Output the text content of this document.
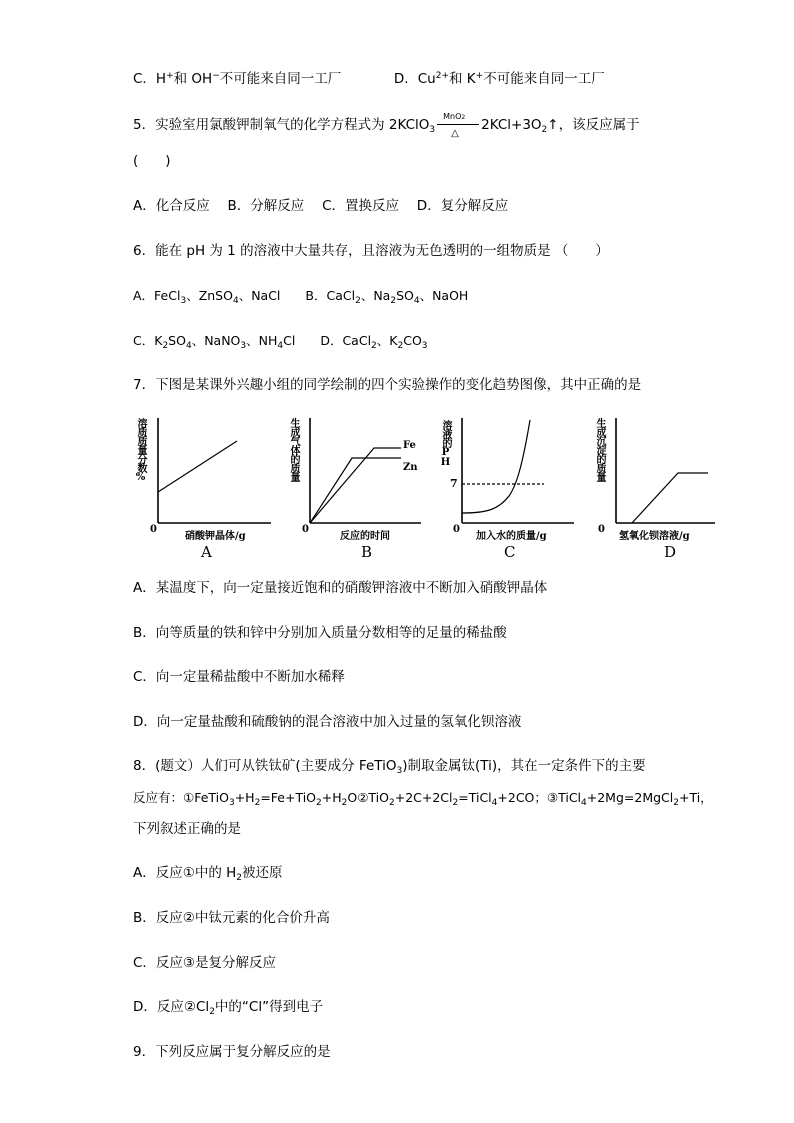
C．H+和 OH−不可能来自同一工厂	D．$Cu^{2+}$和 K+不可能来自同一工厂
5．实验室用氯酸钾制氧气的化学方程式为 2KClO$_3$
MnO2
△
$2KCl+3O_2↑$，该反应属于
(　　)
A．化合反应　 B．分解反应　 C．置换反应　 D．复分解反应
6．能在 pH 为 1 的溶液中大量共存，且溶液为无色透明的一组物质是 （　　）
A．FeCl$_3$、ZnSO$_4$、NaCl　　B．CaCl$_2$、$Na_2SO_4$、NaOH
C．$K_2SO_4$、NaNO$_3$、$NH_4Cl$　　D．CaCl$_2$、$K_2CO_3$
7．下图是某课外兴趣小组的同学绘制的四个实验操作的变化趋势图像，其中正确的是
溶质质量分数%
0
硝酸钾晶体/g
A
生成气体的质量	Fe
Zn
0
反应的时间
B
溶液的PH
7
0
加入水的质量/g
C
生成沉淀的质量
0
氢氧化钡溶液/g
D
A．某温度下，向一定量接近饱和的硝酸钾溶液中不断加入硝酸钾晶体
B．向等质量的铁和锌中分别加入质量分数相等的足量的稀盐酸
C．向一定量稀盐酸中不断加水稀释
D．向一定量盐酸和硫酸钠的混合溶液中加入过量的氢氧化钡溶液
8．(题文）人们可从铁钛矿(主要成分 FeTiO$_3$)制取金属钛(Ti)，其在一定条件下的主要
反应有：$①FeTiO_3+H_2=Fe+TiO_2+H_2O②TiO_2+2C+2Cl_2=TiCl_4+2CO$；③TiCl$_4$+2Mg=2MgCl$_2$+Ti，
下列叙述正确的是
A．反应①中的 $H_2$被还原
B．反应②中钛元素的化合价升高
C．反应③是复分解反应
D．反应$②Cl_2$中的“Cl”得到电子
9．下列反应属于复分解反应的是
